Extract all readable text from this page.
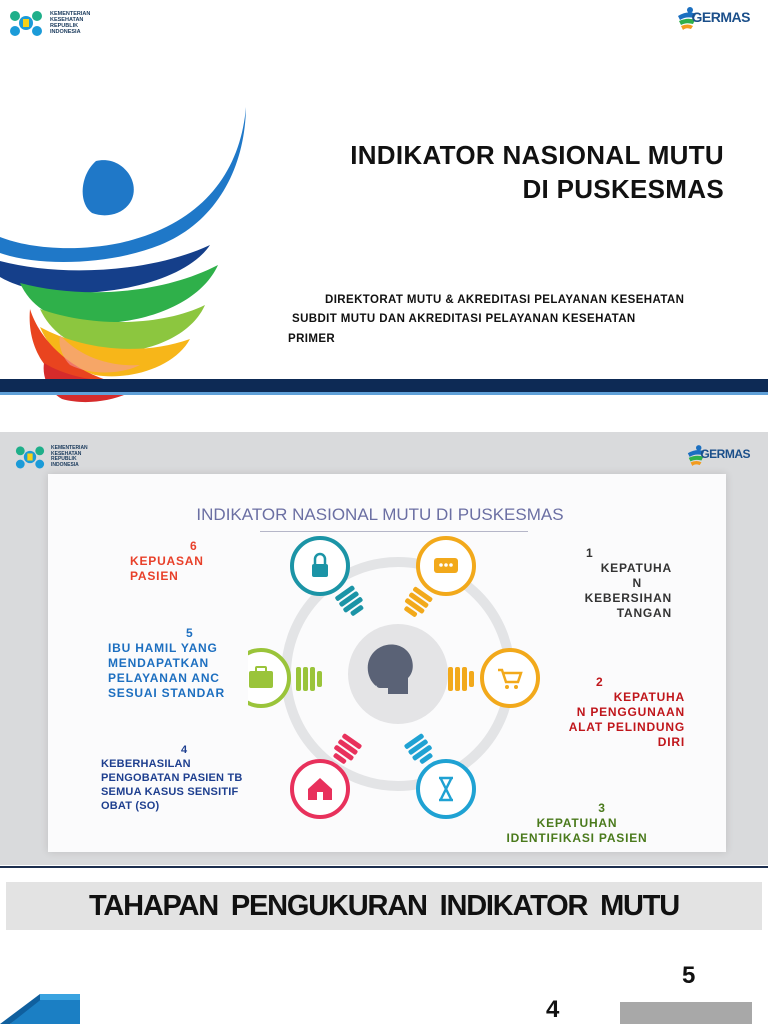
KEMENTERIAN
KESEHATAN
REPUBLIK
INDONESIA
GERMAS
INDIKATOR NASIONAL MUTU
DI PUSKESMAS
DIREKTORAT MUTU & AKREDITASI PELAYANAN KESEHATAN
SUBDIT MUTU DAN AKREDITASI PELAYANAN KESEHATAN
PRIMER
KEMENTERIAN
KESEHATAN
REPUBLIK
INDONESIA
GERMAS
INDIKATOR NASIONAL MUTU DI PUSKESMAS
6
KEPUASAN
PASIEN
1
KEPATUHA
N
KEBERSIHAN
TANGAN
5
IBU HAMIL YANG
MENDAPATKAN
PELAYANAN ANC
SESUAI STANDAR
2
KEPATUHA
N PENGGUNAAN
ALAT PELINDUNG
DIRI
4
KEBERHASILAN
PENGOBATAN PASIEN TB
SEMUA KASUS SENSITIF
OBAT (SO)	3
KEPATUHAN
IDENTIFIKASI PASIEN
TAHAPAN PENGUKURAN INDIKATOR MUTU
5
4
